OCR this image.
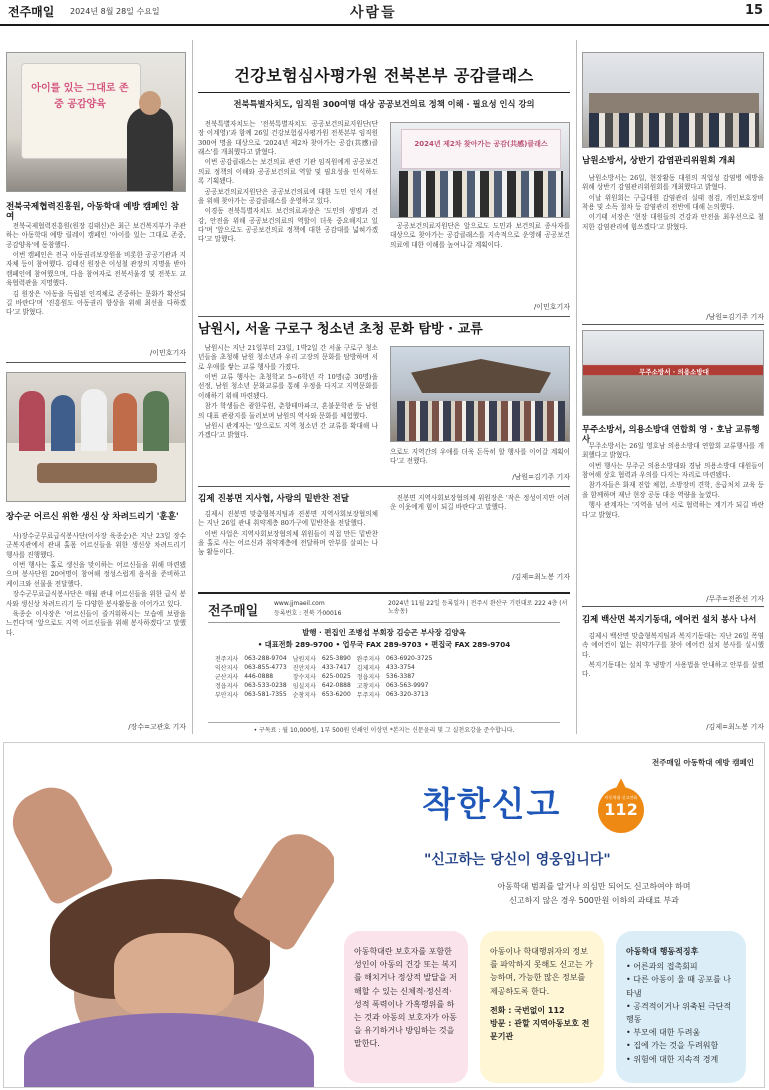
전주매일 2024년 8월 28일 수요일	사람들	15
아이를 있는 그대로 존중 공감양육
전북국제협력진흥원, 아동학대 예방 캠페인 참여

전북국제협력진흥원(원장 김태신)은 최근 보건복지부가 주관하는 아동학대 예방 릴레이 캠페인 '아이를 있는 그대로 존중, 공감양육'에 동참했다.

이번 캠페인은 전국 아동권리보장원을 비롯한 공공기관과 지자체 등이 참여했다. 김태신 원장은 이성철 관장의 지명을 받아 캠페인에 참여했으며, 다음 참여자로 전북서울경 및 전북도 교육협력관을 지명했다.

김 원장은 '아동을 독립된 인격체로 존중하는 문화가 확산되길 바란다'며 '진흥원도 아동권리 향상을 위해 최선을 다하겠다'고 밝혔다.

/이민호기자
장수군 어르신 위한 생신 상 차려드리기 '훈훈'

사)장수군무료급식봉사단(이사장 육종순)은 지난 23일 장수군복지관에서 관내 홀몸 어르신들을 위한 생신상 차려드리기 행사를 진행했다.

이번 행사는 홀로 생신을 맞이하는 어르신들을 위해 마련됐으며 봉사단원 20여명이 참여해 정성스럽게 음식을 준비하고 케이크와 선물을 전달했다.

장수군무료급식봉사단은 매월 관내 어르신들을 위한 급식 봉사와 생신상 차려드리기 등 다양한 봉사활동을 이어가고 있다.

육종순 이사장은 '어르신들이 즐거워하시는 모습에 보람을 느낀다'며 '앞으로도 지역 어르신들을 위해 봉사하겠다'고 말했다.

/장수=고관호 기자
건강보험심사평가원 전북본부 공감클래스
전북특별자치도, 임직원 300여명 대상 공공보건의료 정책 이해 · 필요성 인식 강의

전북특별자치도는 '전북특별자치도 공공보건의료지원단(단장 이계영)'과 함께 26일 건강보험심사평가원 전북본부 임직원 300여 명을 대상으로 '2024년 제2차 찾아가는 공감(共感)클래스'를 개최했다고 밝혔다.

이번 공감클래스는 보건의료 관련 기관 임직원에게 공공보건의료 정책의 이해와 공공보건의료 역할 및 필요성을 인식하도록 기획됐다.

공공보건의료지원단은 공공보건의료에 대한 도민 인식 개선을 위해 찾아가는 공감클래스를 운영하고 있다.

이경동 전북특별자치도 보건의료과장은 '도민의 생명과 건강, 안전을 위해 공공보건의료의 역할이 더욱 중요해지고 있다'며 '앞으로도 공공보건의료 정책에 대한 공감대를 넓혀가겠다'고 말했다.

2024년 제2차 찾아가는 공감(共感)클래스

공공보건의료지원단은 앞으로도 도민과 보건의료 종사자를 대상으로 찾아가는 공감클래스를 지속적으로 운영해 공공보건의료에 대한 이해를 높여나갈 계획이다.

/이민호기자
남원시, 서울 구로구 청소년 초청 문화 탐방 · 교류

남원시는 지난 21일부터 23일, 1박2일 간 서울 구로구 청소년들을 초청해 남원 청소년과 우리 고장의 문화를 탐방하며 서로 우애를 쌓는 교류 행사를 가졌다.

이번 교류 행사는 초청학교 5~6학년 각 10명(총 30명)을 선정, 남원 청소년 문화교류를 통해 우정을 다지고 지역문화를 이해하기 위해 마련됐다.

참가 학생들은 광한루원, 춘향테마파크, 혼불문학관 등 남원의 대표 관광지를 둘러보며 남원의 역사와 문화를 체험했다.

남원시 관계자는 '앞으로도 지역 청소년 간 교류를 확대해 나가겠다'고 밝혔다.

으로도 지역간의 우애를 더욱 돈독히 할 행사를 이어갈 계획이다'고 전했다.
/남원=김기주 기자
김제 진봉면 지사협, 사랑의 밑반찬 전달

김제시 진봉면 맞춤형복지팀과 진봉면 지역사회보장협의체는 지난 26일 관내 취약계층 80가구에 밑반찬을 전달했다.

이번 사업은 지역사회보장협의체 위원들이 직접 만든 밑반찬을 홀로 사는 어르신과 취약계층에 전달하며 안부를 살피는 나눔 활동이다.

진봉면 지역사회보장협의체 위원장은 '작은 정성이지만 어려운 이웃에게 힘이 되길 바란다'고 말했다.

/김제=최노봉 기자
전주매일
www.jjmaeil.com
등록번호 : 전북 가00016
2024년 11월 22일 등록일자 | 전주시 완산구 기린대로 222 4층 (서노송동)
발행 · 편집인 조병섭 부회장 김승곤 부사장 김양옥
• 대표전화 289-9700 • 업무국 FAX 289-9703 • 편집국 FAX 289-9704
전주지사	063-288-9704	남원지사	625-3890	완주지사	063-6920-3725
익산지사	063-855-4773	진안지사	433-7417	김제지사	433-3754
군산지사	446-0888	장수지사	625-0025	정읍지사	536-3387
정읍지사	063-533-0238	임실지사	642-0888	고창지사	063-563-9997
부안지사	063-581-7355	순창지사	653-6200	무주지사	063-320-3713
• 구독료 : 월 10,000원, 1부 500원 인쇄인 이상민 *본지는 신문윤리 및 그 실천요강을 준수합니다.
남원소방서, 상반기 감염관리위원회 개최

남원소방서는 26일, 현장활동 대원의 직업성 감염병 예방을 위해 상반기 감염관리위원회를 개최했다고 밝혔다.

이날 위원회는 구급대원 감염관리 실태 점검, 개인보호장비 착용 및 소독 절차 등 감염관리 전반에 대해 논의했다.

이기태 서장은 '현장 대원들의 건강과 안전을 최우선으로 철저한 감염관리에 힘쓰겠다'고 밝혔다.

/남원=김기주 기자
무주소방서 · 의용소방대
무주소방서, 의용소방대 연합회 영 · 호남 교류행사

무주소방서는 26일 영호남 의용소방대 연합회 교류행사를 개최했다고 밝혔다.

이번 행사는 무주군 의용소방대와 경남 의용소방대 대원들이 참여해 상호 협력과 우의를 다지는 자리로 마련됐다.

참가자들은 화재 진압 체험, 소방장비 견학, 응급처치 교육 등을 함께하며 재난 현장 공동 대응 역량을 높였다.

행사 관계자는 '지역을 넘어 서로 협력하는 계기가 되길 바란다'고 밝혔다.

/무주=전준선 기자
김제 백산면 복지기동대, 에어컨 설치 봉사 나서

김제시 백산면 맞춤형복지팀과 복지기동대는 지난 26일 폭염 속 에어컨이 없는 취약가구를 찾아 에어컨 설치 봉사를 실시했다.

복지기동대는 설치 후 냉방기 사용법을 안내하고 안부를 살폈다.

/김제=최노봉 기자
전주매일 아동학대 예방 캠페인
착한신고	아동학대 신고전화
112
▲
"신고하는 당신이 영웅입니다"
아동학대 범죄를 알거나 의심만 되어도 신고하여야 하며
신고하지 않은 경우 500만원 이하의 과태료 부과
아동학대란 보호자를 포함한 성인이 아동의 건강 또는 복지를 해치거나 정상적 발달을 저해할 수 있는 신체적·정신적·성적 폭력이나 가혹행위를 하는 것과 아동의 보호자가 아동을 유기하거나 방임하는 것을 말한다.
아동이나 학대행위자의 정보를 파악하지 못해도 신고는 가능하며, 가능한 많은 정보를 제공하도록 한다.
전화 : 국번없이 112
방문 : 관할 지역아동보호 전문기관
아동학대 행동적징후
• 어른과의 접촉회피
• 다른 아동이 울 때 공포를 나타냄
• 공격적이거나 위축된 극단적 행동
• 부모에 대한 두려움
• 집에 가는 것을 두려워함
• 위험에 대한 지속적 경계
